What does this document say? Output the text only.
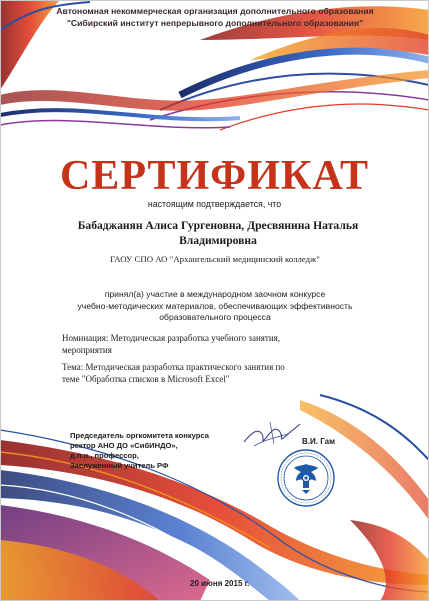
Автономная некоммерческая организация дополнительного образования
"Сибирский институт непрерывного дополнительного образования"
СЕРТИФИКАТ
настоящим подтверждается, что
Бабаджанян Алиса Гургеновна, Дресвянина Наталья
Владимировна
ГАОУ СПО АО "Архангельский медицинский колледж"
принял(а) участие в международном заочном конкурсе
учебно-методических материалов, обеспечивающих эффективность
образовательного процесса
Номинация: Методическая разработка учебного занятия,
мероприятия
Тема: Методическая разработка практического занятия по
теме "Обработка списков в Microsoft Excel"
Председатель оргкомитета конкурса
ректор АНО ДО «СибИНДО»,
д.п.н., профессор,
Заслуженный учитель РФ
В.И. Гам
20 июня 2015 г.
